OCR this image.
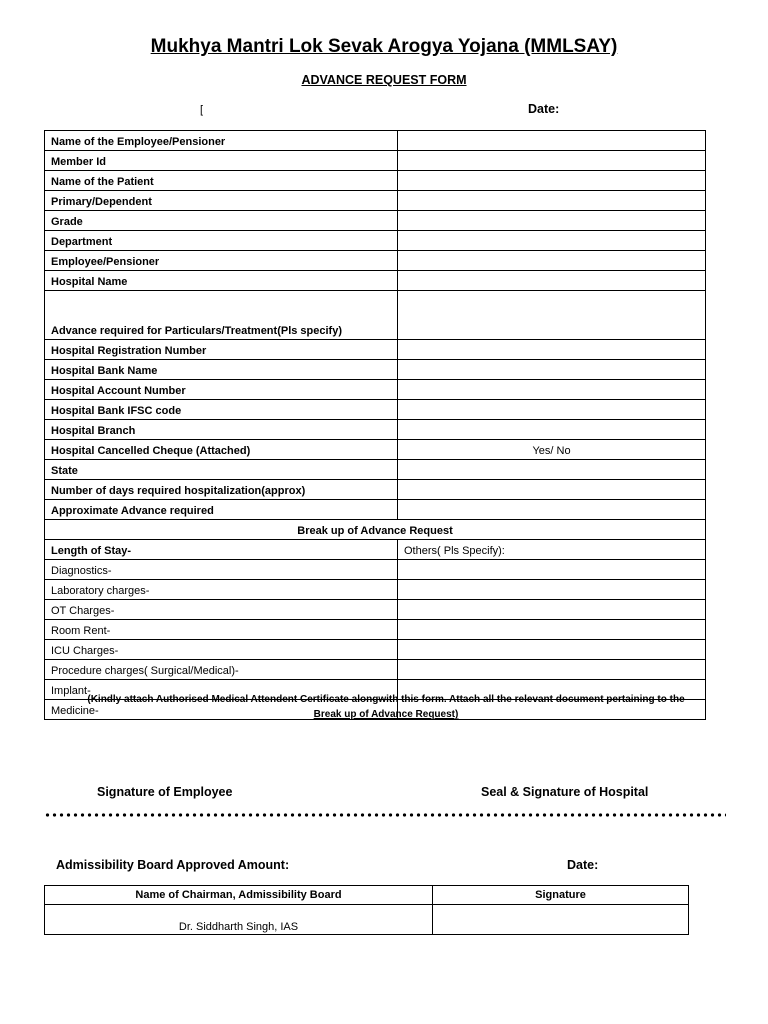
Mukhya Mantri Lok Sevak Arogya Yojana (MMLSAY)
ADVANCE REQUEST FORM
[	Date:
Name of the Employee/Pensioner	
Member Id	
Name of the Patient	
Primary/Dependent	
Grade	
Department	
Employee/Pensioner	
Hospital Name	
Advance required for Particulars/Treatment(Pls specify)	
Hospital Registration Number	
Hospital Bank Name	
Hospital Account Number	
Hospital Bank IFSC code	
Hospital Branch	
Hospital Cancelled Cheque (Attached)	Yes/ No
State	
Number of days required hospitalization(approx)	
Approximate Advance required	
Break up of Advance Request	
Length of Stay-	Others( Pls Specify):
Diagnostics-	
Laboratory charges-	
OT Charges-	
Room Rent-	
ICU Charges-	
Procedure charges( Surgical/Medical)-	
Implant-	
Medicine-	
(Kindly attach Authorised Medical Attendent Certificate alongwith this form. Attach all the relevant document pertaining to the
Break up of Advance Request)
Signature of Employee	Seal & Signature of Hospital
Admissibility Board Approved Amount:	Date:
Name of Chairman, Admissibility Board	Signature
Dr. Siddharth Singh, IAS	
